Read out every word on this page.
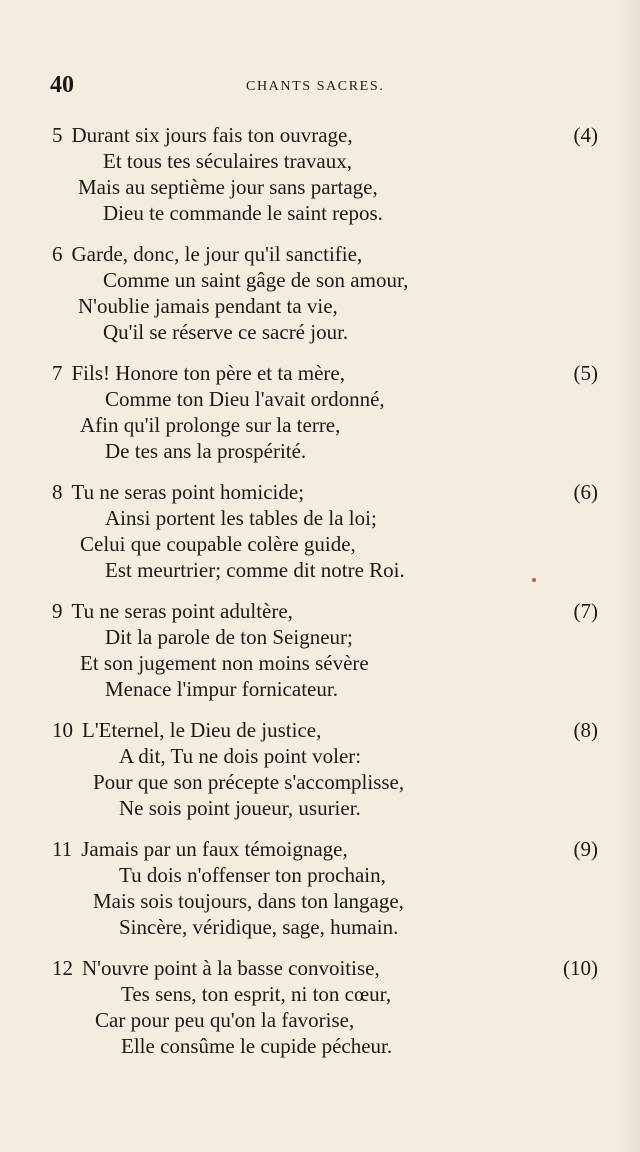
40	CHANTS SACRES.
5 Durant six jours fais ton ouvrage,
Et tous tes séculaires travaux,
Mais au septième jour sans partage,
Dieu te commande le saint repos.
(4)
6 Garde, donc, le jour qu'il sanctifie,
Comme un saint gâge de son amour,
N'oublie jamais pendant ta vie,
Qu'il se réserve ce sacré jour.
7 Fils! Honore ton père et ta mère,
Comme ton Dieu l'avait ordonné,
Afin qu'il prolonge sur la terre,
De tes ans la prospérité.
(5)
8 Tu ne seras point homicide;
Ainsi portent les tables de la loi;
Celui que coupable colère guide,
Est meurtrier; comme dit notre Roi.
(6)
9 Tu ne seras point adultère,
Dit la parole de ton Seigneur;
Et son jugement non moins sévère
Menace l'impur fornicateur.
(7)
10 L'Eternel, le Dieu de justice,
A dit, Tu ne dois point voler:
Pour que son précepte s'accomplisse,
Ne sois point joueur, usurier.
(8)
11 Jamais par un faux témoignage,
Tu dois n'offenser ton prochain,
Mais sois toujours, dans ton langage,
Sincère, véridique, sage, humain.
(9)
12 N'ouvre point à la basse convoitise,
Tes sens, ton esprit, ni ton cœur,
Car pour peu qu'on la favorise,
Elle consûme le cupide pécheur.
(10)
